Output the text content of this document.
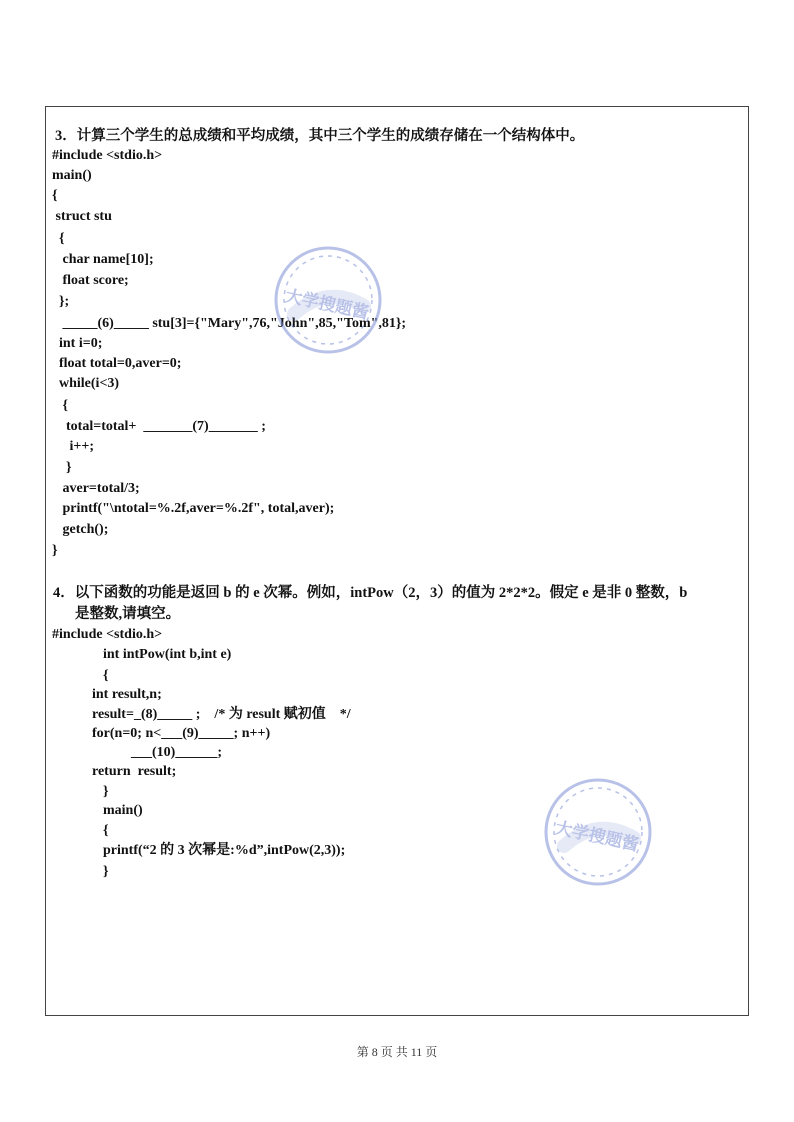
3．计算三个学生的总成绩和平均成绩，其中三个学生的成绩存储在一个结构体中。
#include <stdio.h>
main()
{
struct stu
{
char name[10];
float score;
};
_____(6)_____ stu[3]={"Mary",76,"John",85,"Tom",81};
int i=0;
float total=0,aver=0;
while(i<3)
{
total=total+  _______(7)_______ ;
i++;
}
aver=total/3;
printf("\ntotal=%.2f,aver=%.2f", total,aver);
getch();
}
4．以下函数的功能是返回 b 的 e 次幂。例如，intPow（2，3）的值为 2*2*2。假定 e 是非 0 整数，b
是整数,请填空。
#include <stdio.h>
int intPow(int b,int e)
{
int result,n;
result=_(8)_____ ;    /* 为 result 赋初值    */
for(n=0; n<___(9)_____; n++)
___(10)______;
return  result;
}
main()
{
printf(“2 的 3 次幂是:%d”,intPow(2,3));
}
大学搜题酱
大学搜题酱
第 8 页 共 11 页
